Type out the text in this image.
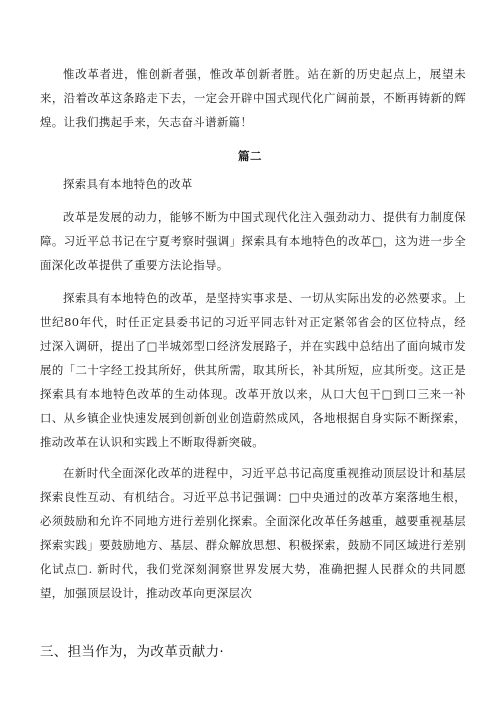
惟改革者进，惟创新者强，惟改革创新者胜。站在新的历史起点上，展望未来，沿着改革这条路走下去，一定会开辟中国式现代化广阔前景，不断再铸新的辉煌。让我们携起手来，矢志奋斗谱新篇！

篇二

探索具有本地特色的改革

改革是发展的动力，能够不断为中国式现代化注入强劲动力、提供有力制度保障。习近平总书记在宁夏考察时强调」探索具有本地特色的改革□，这为进一步全面深化改革提供了重要方法论指导。

探索具有本地特色的改革，是坚持实事求是、一切从实际出发的必然要求。上世纪80年代，时任正定县委书记的习近平同志针对正定紧邻省会的区位特点，经过深入调研，提出了□半城郊型口经济发展路子，并在实践中总结出了面向城市发展的「二十字经工投其所好，供其所需，取其所长，补其所短，应其所变。这正是探索具有本地特色改革的生动体现。改革开放以来，从口大包干□到口三来一补口、从乡镇企业快速发展到创新创业创造蔚然成风，各地根据自身实际不断探索，推动改革在认识和实践上不断取得新突破。

在新时代全面深化改革的进程中，习近平总书记高度重视推动顶层设计和基层探索良性互动、有机结合。习近平总书记强调：□中央通过的改革方案落地生根，必须鼓励和允许不同地方进行差别化探索。全面深化改革任务越重，越要重视基层探索实践」要鼓励地方、基层、群众解放思想、积极探索，鼓励不同区域进行差别化试点□. 新时代，我们党深刻洞察世界发展大势，准确把握人民群众的共同愿望，加强顶层设计，推动改革向更深层次

三、担当作为，为改革贡献力·
